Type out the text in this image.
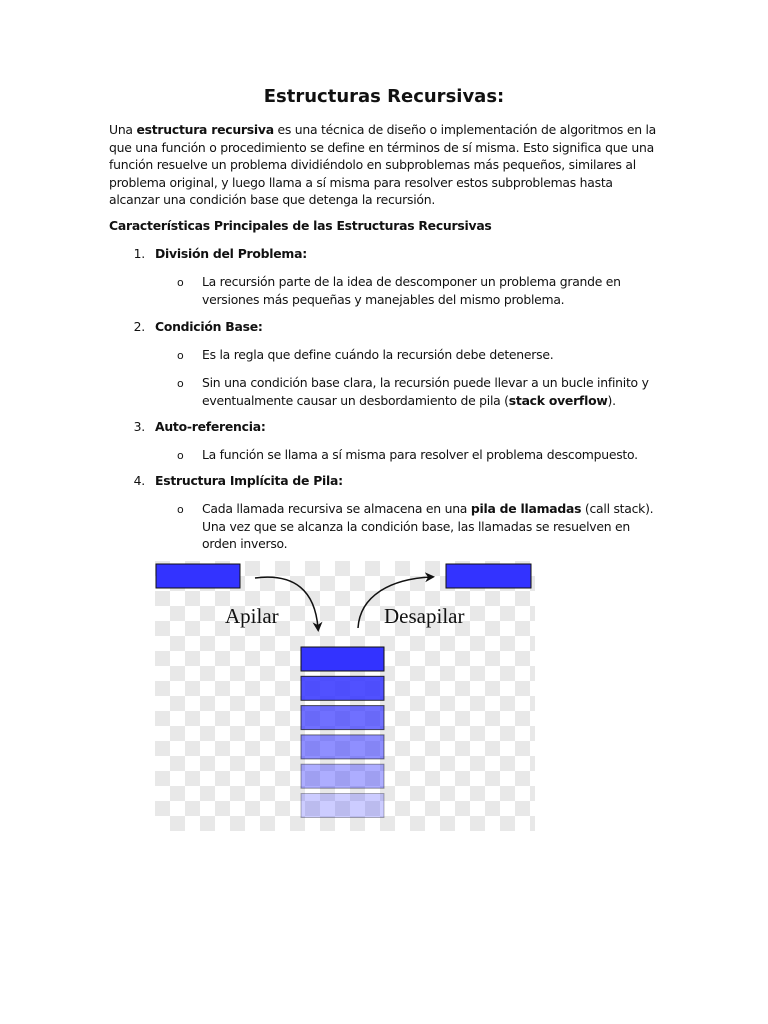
Estructuras Recursivas:
Una estructura recursiva es una técnica de diseño o implementación de algoritmos en la que una función o procedimiento se define en términos de sí misma. Esto significa que una función resuelve un problema dividiéndolo en subproblemas más pequeños, similares al problema original, y luego llama a sí misma para resolver estos subproblemas hasta alcanzar una condición base que detenga la recursión.
Características Principales de las Estructuras Recursivas
1. División del Problema:
o La recursión parte de la idea de descomponer un problema grande en versiones más pequeñas y manejables del mismo problema.
2. Condición Base:
o Es la regla que define cuándo la recursión debe detenerse.
o Sin una condición base clara, la recursión puede llevar a un bucle infinito y eventualmente causar un desbordamiento de pila (stack overflow).
3. Auto-referencia:
o La función se llama a sí misma para resolver el problema descompuesto.
4. Estructura Implícita de Pila:
o Cada llamada recursiva se almacena en una pila de llamadas (call stack). Una vez que se alcanza la condición base, las llamadas se resuelven en orden inverso.
Apilar	Desapilar
